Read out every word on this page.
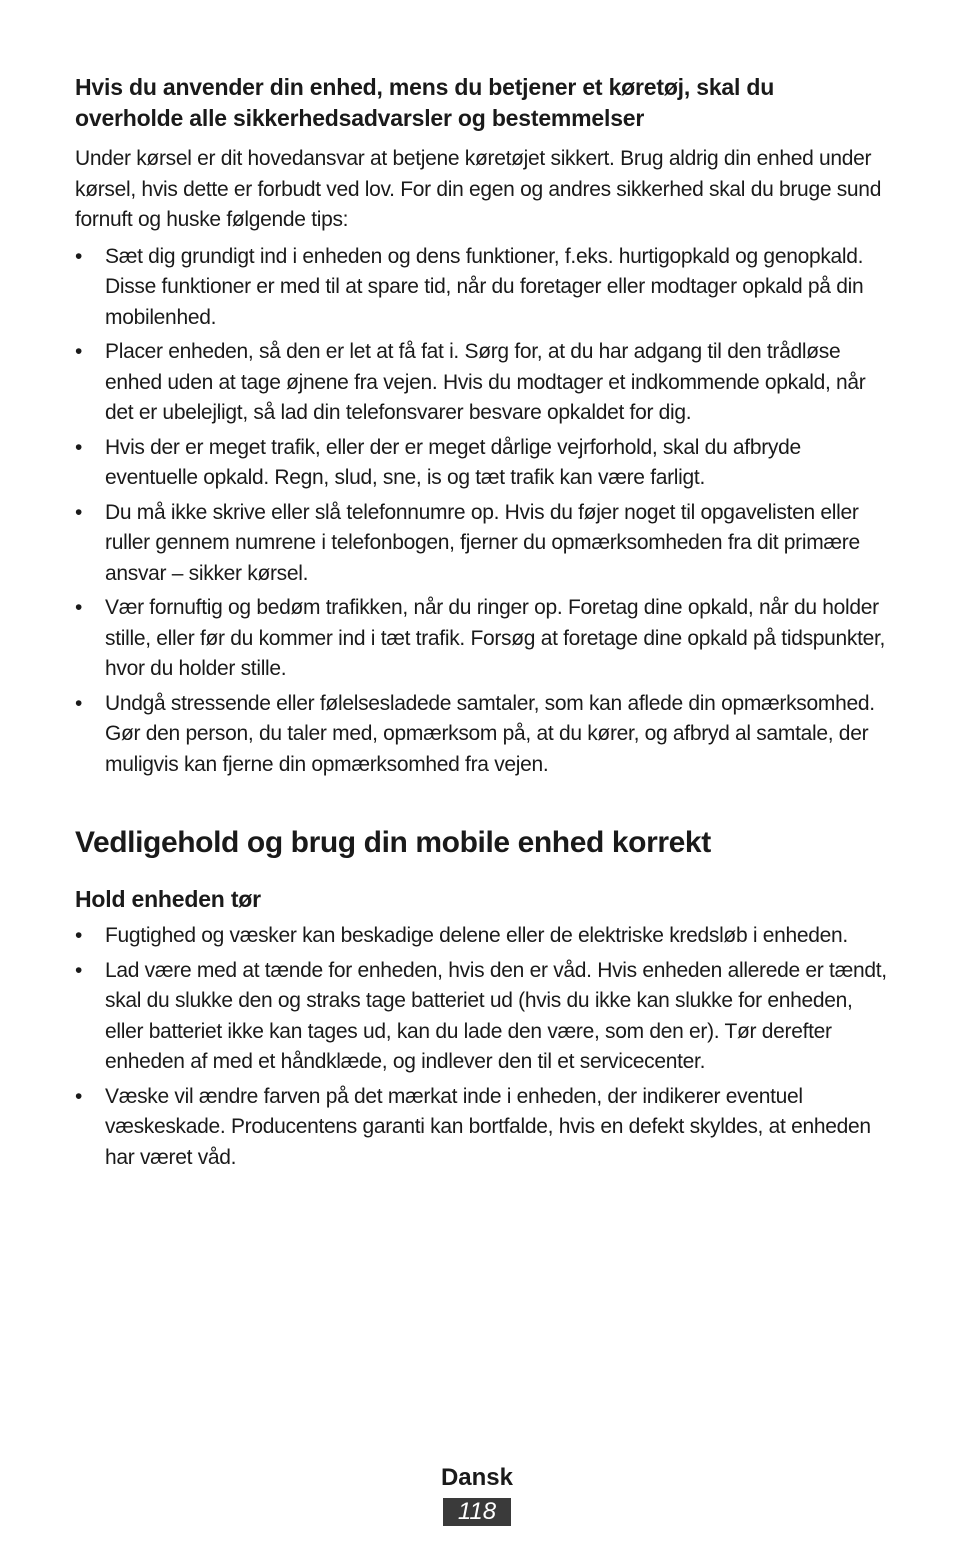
Hvis du anvender din enhed, mens du betjener et køretøj, skal du overholde alle sikkerhedsadvarsler og bestemmelser
Under kørsel er dit hovedansvar at betjene køretøjet sikkert. Brug aldrig din enhed under kørsel, hvis dette er forbudt ved lov. For din egen og andres sikkerhed skal du bruge sund fornuft og huske følgende tips:
• Sæt dig grundigt ind i enheden og dens funktioner, f.eks. hurtigopkald og genopkald. Disse funktioner er med til at spare tid, når du foretager eller modtager opkald på din mobilenhed.
• Placer enheden, så den er let at få fat i. Sørg for, at du har adgang til den trådløse enhed uden at tage øjnene fra vejen. Hvis du modtager et indkommende opkald, når det er ubelejligt, så lad din telefonsvarer besvare opkaldet for dig.
• Hvis der er meget trafik, eller der er meget dårlige vejrforhold, skal du afbryde eventuelle opkald. Regn, slud, sne, is og tæt trafik kan være farligt.
• Du må ikke skrive eller slå telefonnumre op. Hvis du føjer noget til opgavelisten eller ruller gennem numrene i telefonbogen, fjerner du opmærksomheden fra dit primære ansvar – sikker kørsel.
• Vær fornuftig og bedøm trafikken, når du ringer op. Foretag dine opkald, når du holder stille, eller før du kommer ind i tæt trafik. Forsøg at foretage dine opkald på tidspunkter, hvor du holder stille.
• Undgå stressende eller følelsesladede samtaler, som kan aflede din opmærksomhed. Gør den person, du taler med, opmærksom på, at du kører, og afbryd al samtale, der muligvis kan fjerne din opmærksomhed fra vejen.
Vedligehold og brug din mobile enhed korrekt
Hold enheden tør
• Fugtighed og væsker kan beskadige delene eller de elektriske kredsløb i enheden.
• Lad være med at tænde for enheden, hvis den er våd. Hvis enheden allerede er tændt, skal du slukke den og straks tage batteriet ud (hvis du ikke kan slukke for enheden, eller batteriet ikke kan tages ud, kan du lade den være, som den er). Tør derefter enheden af med et håndklæde, og indlever den til et servicecenter.
• Væske vil ændre farven på det mærkat inde i enheden, der indikerer eventuel væskeskade. Producentens garanti kan bortfalde, hvis en defekt skyldes, at enheden har været våd.
Dansk
118
